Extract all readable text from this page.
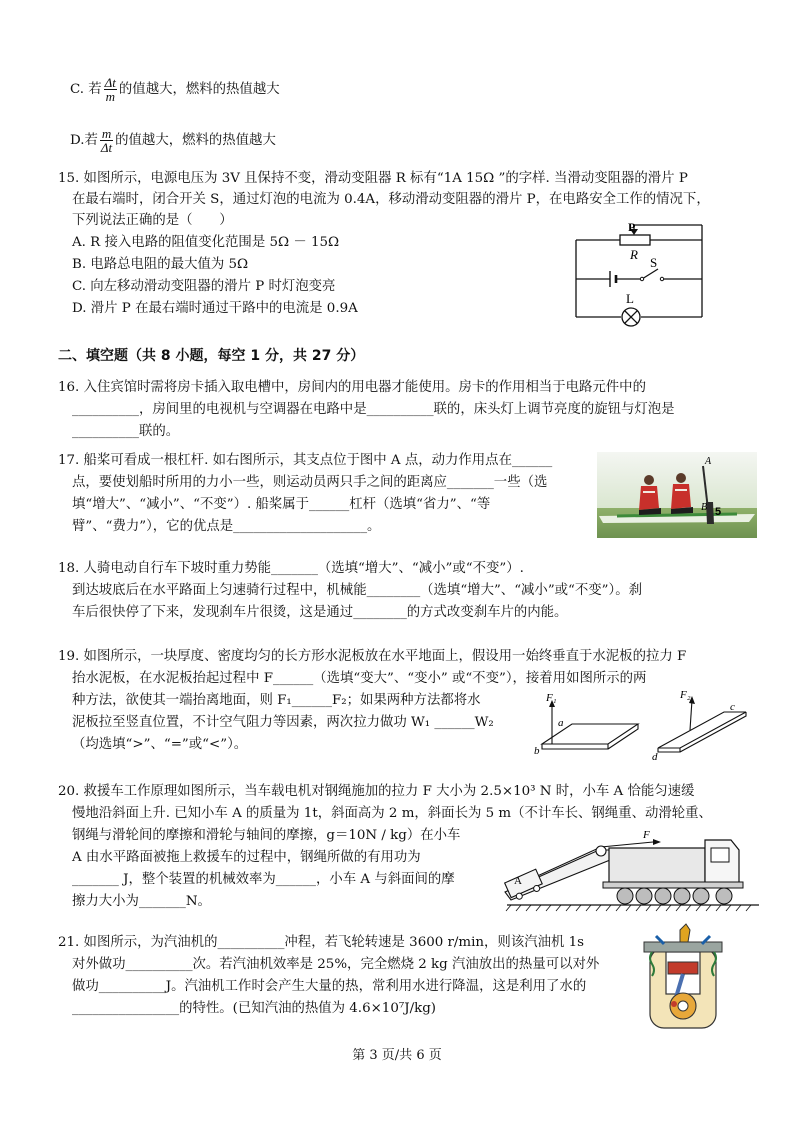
C. 若 $\frac{\Delta t}{m}$ 的值越大，燃料的热值越大
D.若 $\frac{m}{\Delta t}$ 的值越大，燃料的热值越大
15. 如图所示，电源电压为 3V 且保持不变，滑动变阻器 R 标有“1A 15Ω ”的字样. 当滑动变阻器的滑片 P
在最右端时，闭合开关 S，通过灯泡的电流为 0.4A，移动滑动变阻器的滑片 P，在电路安全工作的情况下，
下列说法正确的是（　　）
A. R 接入电路的阻值变化范围是 5Ω － 15Ω
B. 电路总电阻的最大值为 5Ω
C. 向左移动滑动变阻器的滑片 P 时灯泡变亮
D. 滑片 P 在最右端时通过干路中的电流是 0.9A
P
R
S
L
二、填空题（共 8 小题，每空 1 分，共 27 分）
16. 入住宾馆时需将房卡插入取电槽中，房间内的用电器才能使用。房卡的作用相当于电路元件中的
__________，房间里的电视机与空调器在电路中是__________联的，床头灯上调节亮度的旋钮与灯泡是
__________联的。
17. 船桨可看成一根杠杆. 如右图所示，其支点位于图中 A 点，动力作用点在______
点，要使划船时所用的力小一些，则运动员两只手之间的距离应_______一些（选
填“增大”、“减小”、“不变”）. 船桨属于______杠杆（选填“省力”、“等
臂”、“费力”），它的优点是____________________。
A
B 5
18. 人骑电动自行车下坡时重力势能_______（选填“增大”、“减小”或“不变”）.
到达坡底后在水平路面上匀速骑行过程中，机械能________（选填“增大”、“减小”或“不变”）。刹
车后很快停了下来，发现刹车片很烫，这是通过________的方式改变刹车片的内能。
19. 如图所示，一块厚度、密度均匀的长方形水泥板放在水平地面上，假设用一始终垂直于水泥板的拉力 F
抬水泥板，在水泥板抬起过程中 F______（选填“变大”、“变小” 或“不变”），接着用如图所示的两
种方法，欲使其一端抬离地面，则 F₁______F₂；如果两种方法都将水
泥板拉至竖直位置，不计空气阻力等因素，两次拉力做功 W₁ ______W₂
（均选填“>”、“=”或“<”）。
F₁
a
b
F₂
c
d
20. 救援车工作原理如图所示，当车载电机对钢绳施加的拉力 F 大小为 2.5×10³ N 时，小车 A 恰能匀速缓
慢地沿斜面上升. 已知小车 A 的质量为 1t，斜面高为 2 m，斜面长为 5 m（不计车长、钢绳重、动滑轮重、
钢绳与滑轮间的摩擦和滑轮与轴间的摩擦，g＝10N / kg）在小车
A 由水平路面被拖上救援车的过程中，钢绳所做的有用功为
_______ J，整个装置的机械效率为______，小车 A 与斜面间的摩
擦力大小为_______N。
F
A
21. 如图所示，为汽油机的__________冲程，若飞轮转速是 3600 r/min，则该汽油机 1s
对外做功__________次。若汽油机效率是 25%，完全燃烧 2 kg 汽油放出的热量可以对外
做功__________J。汽油机工作时会产生大量的热，常利用水进行降温，这是利用了水的
________________的特性。(已知汽油的热值为 4.6×10⁷J/kg)
第 3 页/共 6 页
